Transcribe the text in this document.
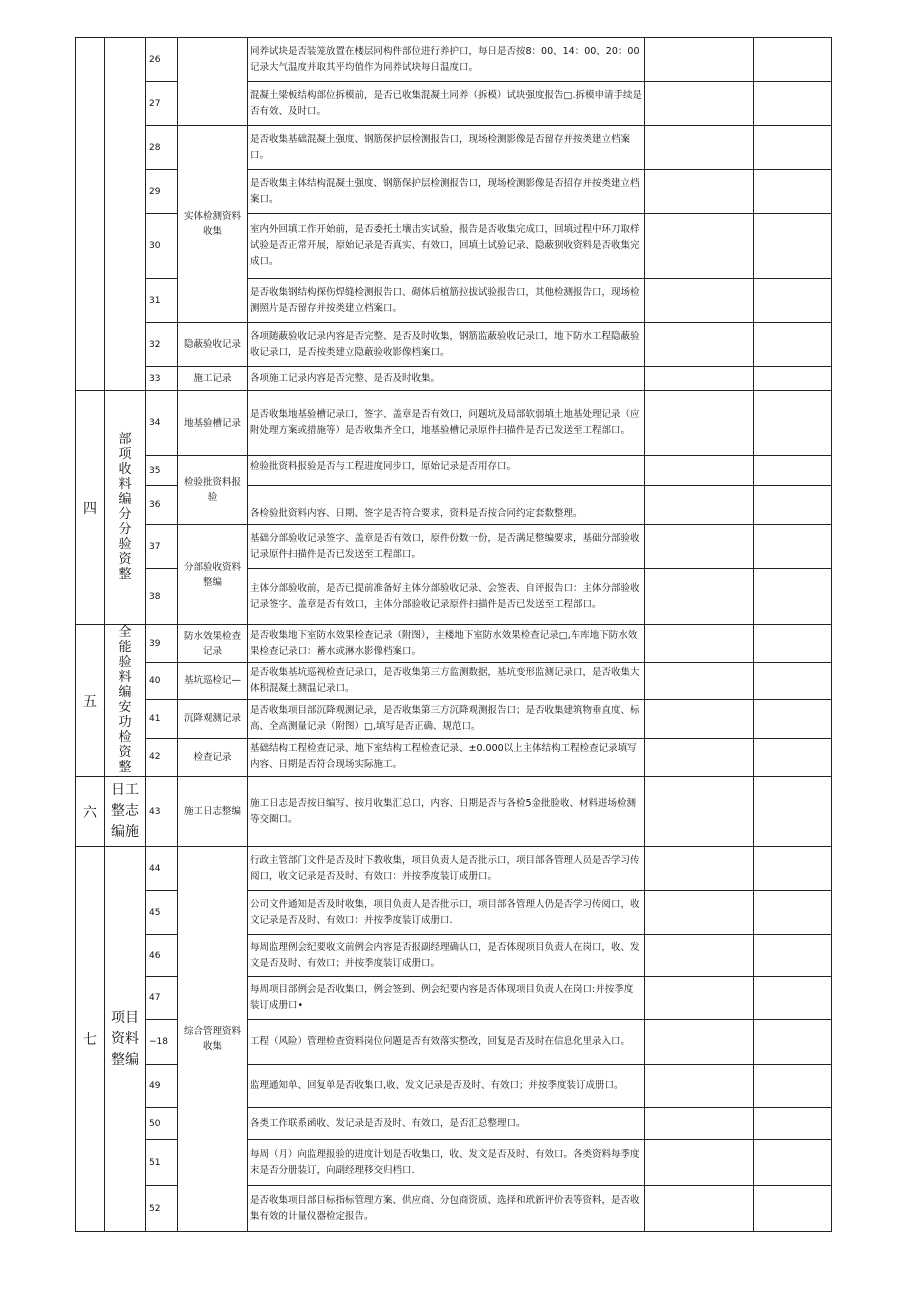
		26		同养试块是否装笼放置在楼层同构件部位进行养护口，每日是否按8：00、14：00、20：00记录大气温度并取其平均值作为同养试块每日温度口。		
		27		混凝土梁板结构部位拆模前，是否已收集混凝土同养（拆模）试块强度报告□.拆模申请手续是否有效、及时口。		
		28	实体检测资料收集	是否收集基础混凝土强度、钢筋保护层检测报告口，现场检测影像是否留存并按类建立档案口。		
		29		是否收集主体结构混凝土强度、钢筋保护层检测报告口，现场检测影像是否招存并按类建立档案口。		
		30		室内外回填工作开始前，是否委托土壤击实试验，报告是否收集完成口，回填过程中环刀取样试验是否正常开展，原始记录是否真实、有效口，回填土试验记录、隐蔽狈收资料是否收集完成口。		
		31		是否收集钢结构探伤焊缝检测报告口、砌体后植筋拉拔试验报告口，其他检测报告口，现场检测照片是否留存并按类建立档案口。		
		32	隐蔽验收记录	各项随蔽验收记录内容是否完整、是否及时收集，钢筋监蔽验收记录口，地下防水工程隐蔽验收记录口，是否按类建立隐蔽验收影像档案口。		
		33	施工记录	各项施工记录内容是否完整、是否及时收集。		
四	部项收料编分分验资整	34	地基验槽记录	是否收集地基验槽记录口，签字、盖章是否有效口，问题坑及局部软弱填土地基处理记录（应附处理方案或措施等）是否收集齐全口，地基验槽记录原件扫描件是否已发送至工程部口。		
		35	检验批资料报验	检验批资料报验是否与工程进度同步口，原始记录是否用存口。		
		36		各检验批资料内容、日期、签字是否符合要求，资料是否按合同约定套数整理。		
		37	分部验收资料整编	基础分部验收记录签字、盖章是否有效口，原件份数一份，是否满足整编要求，基础分部验收记录原件扫描件是否已发送至工程部口。		
		38		主体分部验收前，是否已提前准备好主体分部验收记录、会签表、自评报告口：主体分部验收记录签字、盖章是否有效口，主体分部验收记录原件扫描件是否已发送至工程部口。		
五	全能验料编安功检资整	39	防水效果检查记录	是否收集地下室防水效果检查记录（附图），主楼地下室防水效果检查记录□,车库地下防水效果检查记录口：蓄水或淋水影像档案口。		
		40	基坑巡检记—	是否收集基坑巡视检查记录口，是否收集第三方监测数据，基坑变形监测记录口，是否收集大体积混凝土测温记录口。		
		41	沉降观测记录	是否收集项目部沉降观测记录，是否收集第三方沉降观测报告口；是否收集建筑物垂直度、标高、全高测量记录（附图）□,填写是否正确、规范口。		
		42	检查记录	基础结构工程检查记录、地下室结构工程检查记录、±0.000以上主体结构工程检查记录填写内容、日期是否符合现场实际施工。		
六	日工整志编施	43	施工日志整编	施工日志是否按日编写、按月收集汇总口，内容、日期是否与各检5金批脸收、材料进场检测等交圈口。		
七	项目资料整编	44	综合管理资料收集	行政主管部门文件是否及时下教收集，项目负责人是否批示口，项目部各管理人员是否学习传阅口，收文记录是否及时、有效口：并按季度装订成册口。		
		45		公司文件通知是否及时收集，项目负责人是否批示口，项目部各管理人仍是否学习传阅口，收文记录是否及时、有效口：并按季度装订成册口.		
		46		每周监理例会纪要收文前例会内容是否报副经理确认口，是否体现项目负责人在岗口，收、发文是否及时、有效口；并按季度装订成册口。		
		47		每周项目部例会是否收集口，例会签到、例会纪要内容是否体现项目负责人在岗口:并按季度装订成册口•		
		−18		工程（风险）管理检查资料岗位问题是否有效落实整改，回复是否及时在信息化里录入口。		
		49		监理通知单、回复单是否收集口,收、发文记录是否及时、有效口；并按季度装订成册口。		
		50		各类工作联系函收、发记录是否及时、有效口，是否汇总整理口。		
		51		每周（月）向监理报验的进度计划是否收集口，收、发文是否及时、有效口。各类资料每季度末是否分册装订，向副经理移交归档口.		
		52		是否收集项目部目标指标管理方案、供应商、分包商资质、选择和玳新评价表等资料，是否收集有效的计量仪器检定报告。		
